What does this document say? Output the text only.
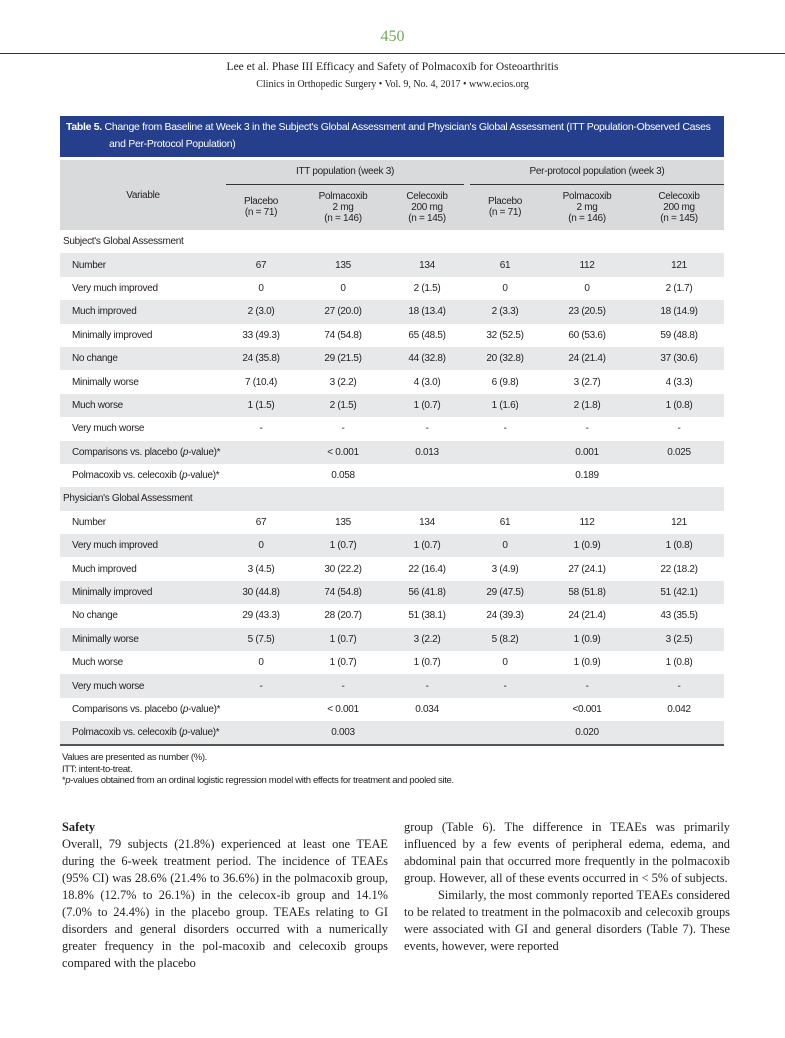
450
Lee et al. Phase III Efficacy and Safety of Polmacoxib for Osteoarthritis
Clinics in Orthopedic Surgery • Vol. 9, No. 4, 2017 • www.ecios.org
Table 5. Change from Baseline at Week 3 in the Subject's Global Assessment and Physician's Global Assessment (ITT Population-Observed Cases
and Per-Protocol Population)
Variable	ITT population (week 3)				Per-protocol population (week 3)		
	Placebo
(n = 71)	Polmacoxib
2 mg
(n = 146)	Celecoxib
200 mg
(n = 145)		Placebo
(n = 71)	Polmacoxib
2 mg
(n = 146)	Celecoxib
200 mg
(n = 145)
Subject's Global Assessment							
Number	67	135	134		61	112	121
Very much improved	0	0	2 (1.5)		0	0	2 (1.7)
Much improved	2 (3.0)	27 (20.0)	18 (13.4)		2 (3.3)	23 (20.5)	18 (14.9)
Minimally improved	33 (49.3)	74 (54.8)	65 (48.5)		32 (52.5)	60 (53.6)	59 (48.8)
No change	24 (35.8)	29 (21.5)	44 (32.8)		20 (32.8)	24 (21.4)	37 (30.6)
Minimally worse	7 (10.4)	3 (2.2)	4 (3.0)		6 (9.8)	3 (2.7)	4 (3.3)
Much worse	1 (1.5)	2 (1.5)	1 (0.7)		1 (1.6)	2 (1.8)	1 (0.8)
Very much worse	-	-	-		-	-	-
Comparisons vs. placebo (p-value)*		< 0.001	0.013			0.001	0.025
Polmacoxib vs. celecoxib (p-value)*		0.058				0.189	
Physician's Global Assessment							
Number	67	135	134		61	112	121
Very much improved	0	1 (0.7)	1 (0.7)		0	1 (0.9)	1 (0.8)
Much improved	3 (4.5)	30 (22.2)	22 (16.4)		3 (4.9)	27 (24.1)	22 (18.2)
Minimally improved	30 (44.8)	74 (54.8)	56 (41.8)		29 (47.5)	58 (51.8)	51 (42.1)
No change	29 (43.3)	28 (20.7)	51 (38.1)		24 (39.3)	24 (21.4)	43 (35.5)
Minimally worse	5 (7.5)	1 (0.7)	3 (2.2)		5 (8.2)	1 (0.9)	3 (2.5)
Much worse	0	1 (0.7)	1 (0.7)		0	1 (0.9)	1 (0.8)
Very much worse	-	-	-		-	-	-
Comparisons vs. placebo (p-value)*		< 0.001	0.034			<0.001	0.042
Polmacoxib vs. celecoxib (p-value)*		0.003				0.020	
Values are presented as number (%).
ITT: intent-to-treat.
*p-values obtained from an ordinal logistic regression model with effects for treatment and pooled site.
Safety

Overall, 79 subjects (21.8%) experienced at least one TEAE during the 6-week treatment period. The incidence of TEAEs (95% CI) was 28.6% (21.4% to 36.6%) in the polmacoxib group, 18.8% (12.7% to 26.1%) in the celecox-ib group and 14.1% (7.0% to 24.4%) in the placebo group. TEAEs relating to GI disorders and general disorders occurred with a numerically greater frequency in the pol-macoxib and celecoxib groups compared with the placebo

group (Table 6). The difference in TEAEs was primarily influenced by a few events of peripheral edema, edema, and abdominal pain that occurred more frequently in the polmacoxib group. However, all of these events occurred in < 5% of subjects.

Similarly, the most commonly reported TEAEs considered to be related to treatment in the polmacoxib and celecoxib groups were associated with GI and general disorders (Table 7). These events, however, were reported
